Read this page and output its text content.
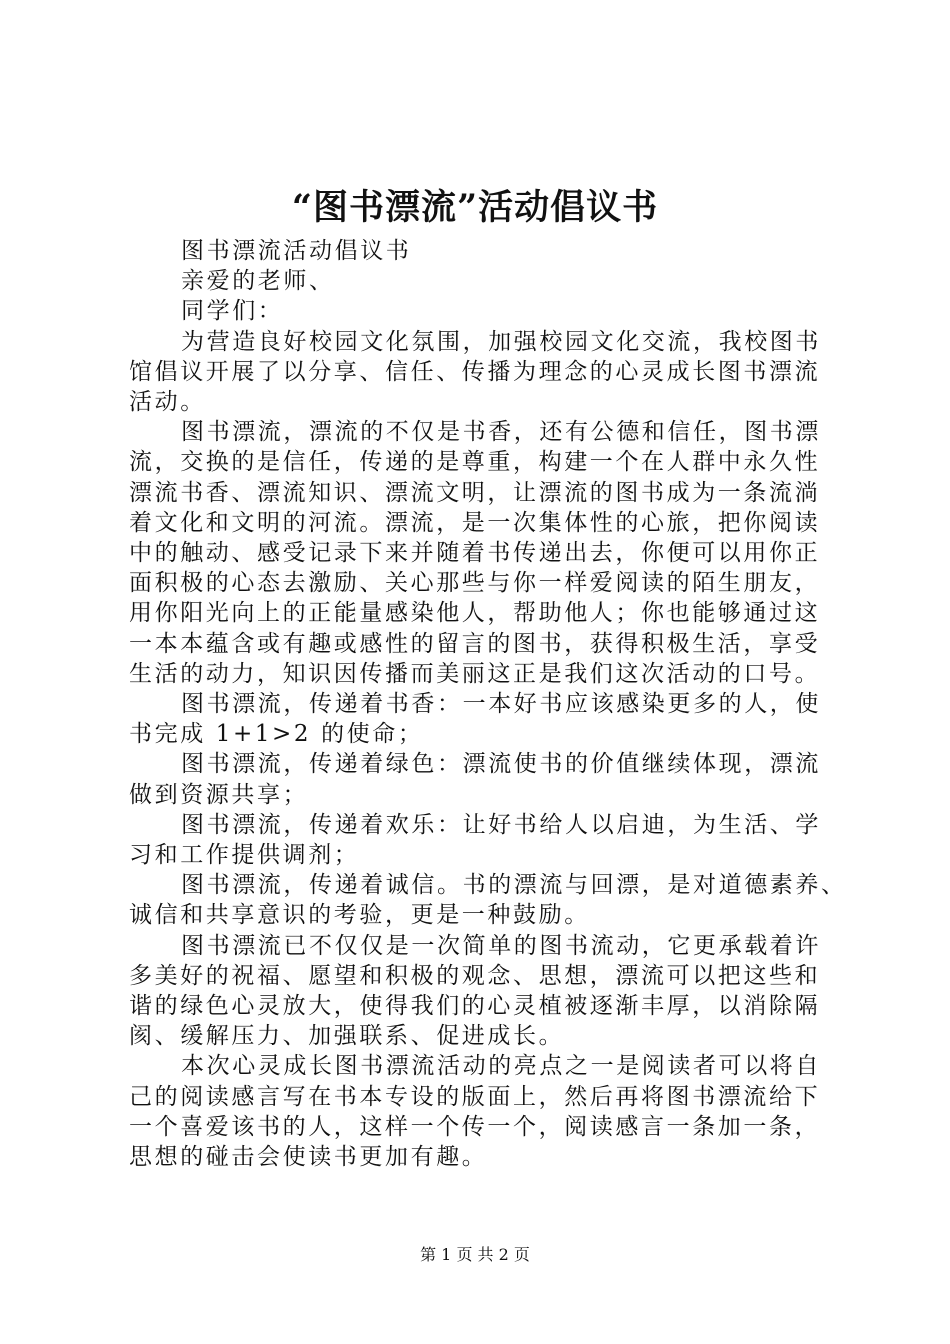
“图书漂流”活动倡议书

图书漂流活动倡议书

亲爱的老师、

同学们：

为营造良好校园文化氛围，加强校园文化交流，我校图书

馆倡议开展了以分享、信任、传播为理念的心灵成长图书漂流

活动。

图书漂流，漂流的不仅是书香，还有公德和信任，图书漂

流，交换的是信任，传递的是尊重，构建一个在人群中永久性

漂流书香、漂流知识、漂流文明，让漂流的图书成为一条流淌

着文化和文明的河流。漂流，是一次集体性的心旅，把你阅读

中的触动、感受记录下来并随着书传递出去，你便可以用你正

面积极的心态去激励、关心那些与你一样爱阅读的陌生朋友，

用你阳光向上的正能量感染他人，帮助他人；你也能够通过这

一本本蕴含或有趣或感性的留言的图书，获得积极生活，享受

生活的动力，知识因传播而美丽这正是我们这次活动的口号。

图书漂流，传递着书香：一本好书应该感染更多的人，使

书完成 1+1>2 的使命；

图书漂流，传递着绿色：漂流使书的价值继续体现，漂流

做到资源共享；

图书漂流，传递着欢乐：让好书给人以启迪，为生活、学

习和工作提供调剂；

图书漂流，传递着诚信。书的漂流与回漂，是对道德素养、

诚信和共享意识的考验，更是一种鼓励。

图书漂流已不仅仅是一次简单的图书流动，它更承载着许

多美好的祝福、愿望和积极的观念、思想，漂流可以把这些和

谐的绿色心灵放大，使得我们的心灵植被逐渐丰厚，以消除隔

阂、缓解压力、加强联系、促进成长。

本次心灵成长图书漂流活动的亮点之一是阅读者可以将自

己的阅读感言写在书本专设的版面上，然后再将图书漂流给下

一个喜爱该书的人，这样一个传一个，阅读感言一条加一条，

思想的碰击会使读书更加有趣。

第 1 页 共 2 页
